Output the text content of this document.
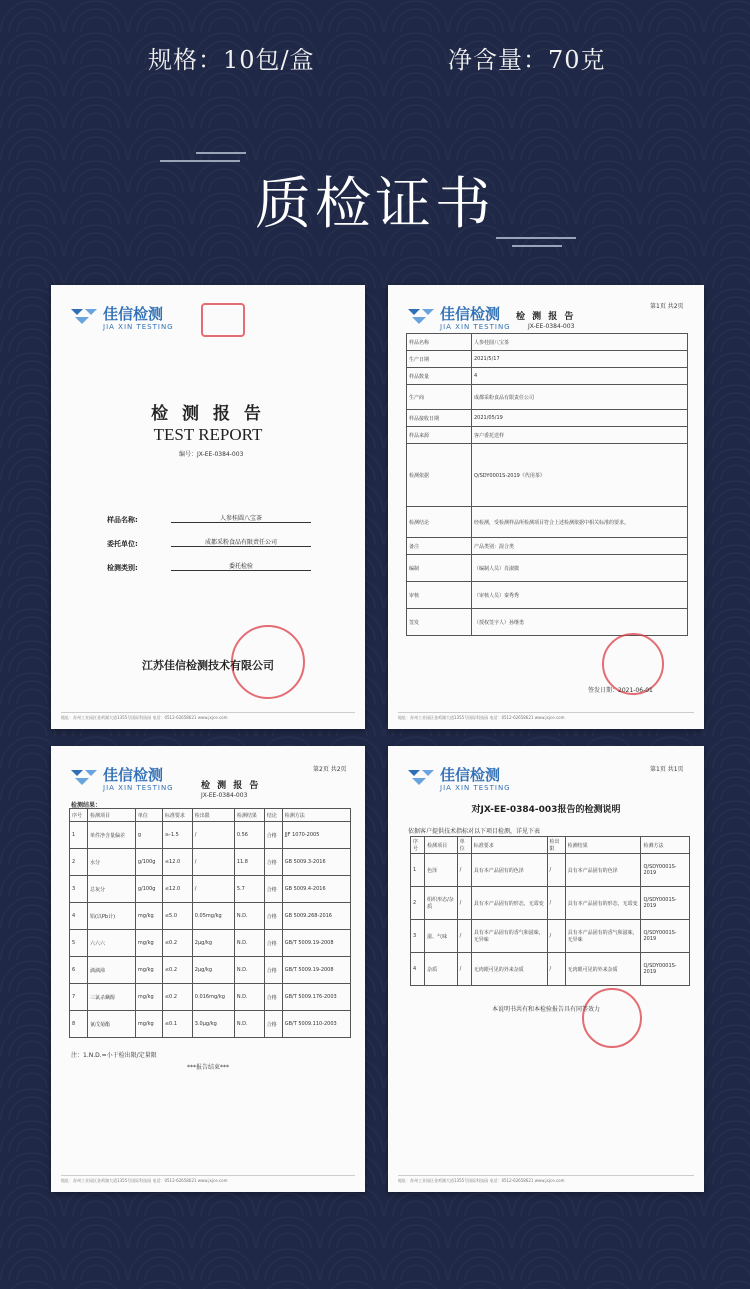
规格：10包/盒	净含量：70克
质检证书
佳信检测
JIA XIN TESTING
检 测 报 告
TEST REPORT
编号：JX-EE-0384-003
样品名称:	人参桂圆八宝茶
委托单位:	成都采粉食品有限责任公司
检测类别:	委托检验
江苏佳信检测技术有限公司
地址：苏州工业园区金鸡湖大道1355号国际科技园 电话：0512-62658621 www.jxjce.com
佳信检测
JIA XIN TESTING
检 测 报 告
JX-EE-0384-003
第1页 共2页
样品名称	人参桂圆八宝茶
生产日期	2021/5/17
样品数量	4
生产商	成都采粉食品有限责任公司
样品接收日期	2021/05/19
样品来源	客户委托送样
检测依据	Q/SDY0001S-2019《代用茶》
检测结论	经检测，受检测样品所检测项目符合上述检测依据中相关标准的要求。
备注	产品类别：混合类
编制	（编制人员）肖淑微
审核	（审核人员）秦秀秀
签发	（授权签字人）孙继勇
签发日期：2021-06-01
地址：苏州工业园区金鸡湖大道1355号国际科技园 电话：0512-62658621 www.jxjce.com
佳信检测
JIA XIN TESTING	检 测 报 告
JX-EE-0384-003
第2页 共2页
检测结果：
序号	检测项目	单位	标准要求	检出限	检测结果	结论	检测方法
1	单件净含量偏差	g	≥-1.5	/	0.56	合格	JJF 1070-2005
2	水分	g/100g	≤12.0	/	11.8	合格	GB 5009.3-2016
3	总灰分	g/100g	≤12.0	/	5.7	合格	GB 5009.4-2016
4	铅(以Pb计)	mg/kg	≤5.0	0.05mg/kg	N.D.	合格	GB 5009.268-2016
5	六六六	mg/kg	≤0.2	2μg/kg	N.D.	合格	GB/T 5009.19-2008
6	滴滴涕	mg/kg	≤0.2	2μg/kg	N.D.	合格	GB/T 5009.19-2008
7	三氯杀螨醇	mg/kg	≤0.2	0.016mg/kg	N.D.	合格	GB/T 5009.176-2003
8	氰戊菊酯	mg/kg	≤0.1	3.0μg/kg	N.D.	合格	GB/T 5009.110-2003
注：1.N.D.=小于检出限/定量限
***报告结束***
地址：苏州工业园区金鸡湖大道1355号国际科技园 电话：0512-62658621 www.jxjce.com
佳信检测
JIA XIN TESTING
第1页 共1页
对JX-EE-0384-003报告的检测说明
依据客户提供技术指标对以下项目检测，详见下表
序号	检测项目	单位	标准要求	检出限	检测结果	检测方法
1	色泽	/	具有本产品固有的色泽	/	具有本产品固有的色泽	Q/SDY0001S-2019
2	组织形态/杂质	/	具有本产品固有的形态，无霉变	/	具有本产品固有的形态，无霉变	Q/SDY0001S-2019
3	滋、气味	/	具有本产品固有的香气和滋味，无异味	/	具有本产品固有的香气和滋味，无异味	Q/SDY0001S-2019
4	杂质	/	无肉眼可见的外来杂质	/	无肉眼可见的外来杂质	Q/SDY0001S-2019
本说明书共有和本检验报告具有同等效力
地址：苏州工业园区金鸡湖大道1355号国际科技园 电话：0512-62658621 www.jxjce.com
